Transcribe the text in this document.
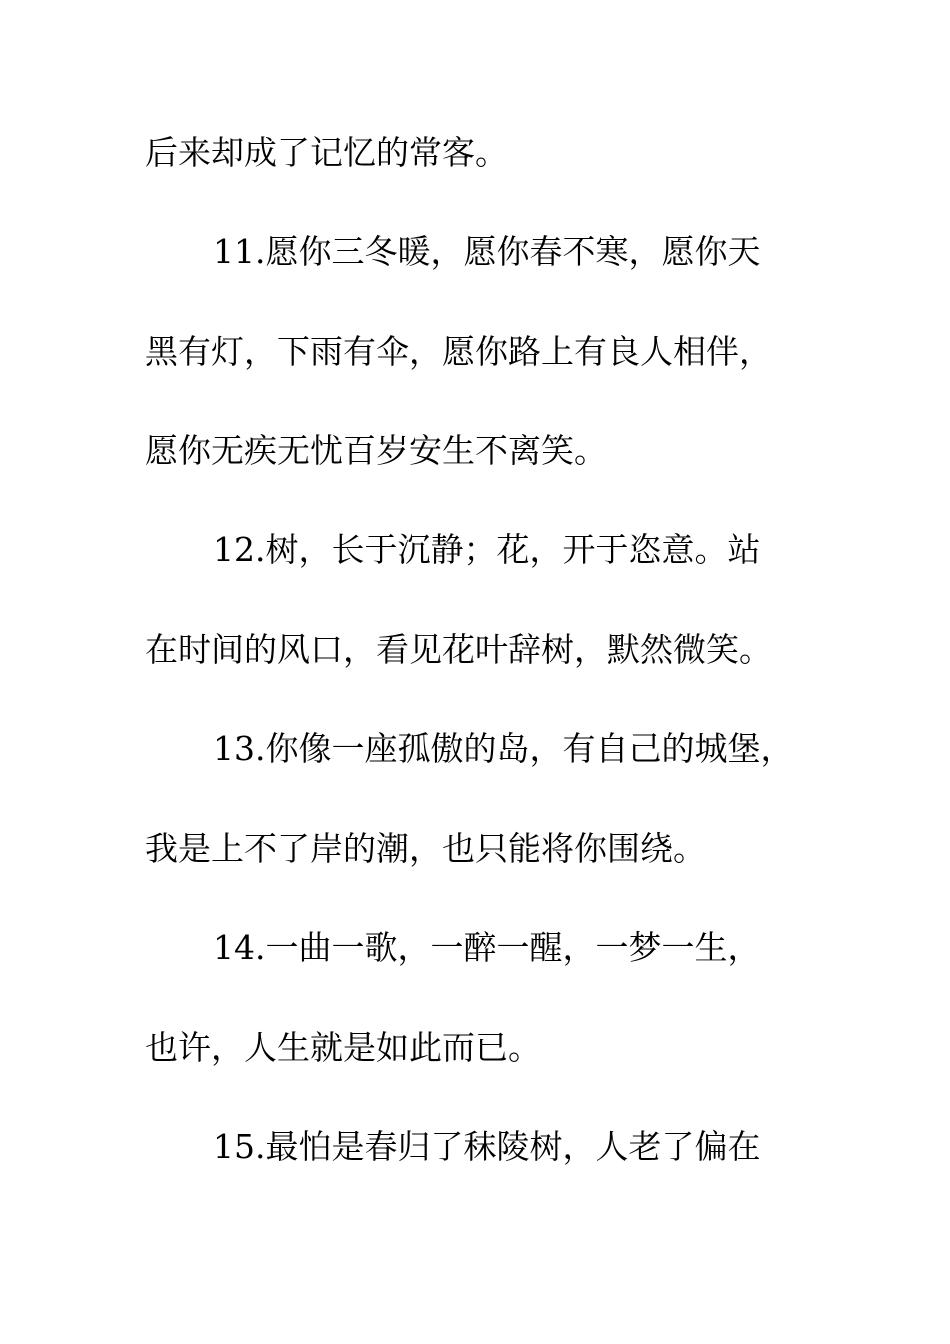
后来却成了记忆的常客。
11.愿你三冬暖，愿你春不寒，愿你天
黑有灯，下雨有伞，愿你路上有良人相伴，
愿你无疾无忧百岁安生不离笑。
12.树，长于沉静；花，开于恣意。站
在时间的风口，看见花叶辞树，默然微笑。
13.你像一座孤傲的岛，有自己的城堡，
我是上不了岸的潮，也只能将你围绕。
14.一曲一歌，一醉一醒，一梦一生，
也许，人生就是如此而已。
15.最怕是春归了秣陵树，人老了偏在
